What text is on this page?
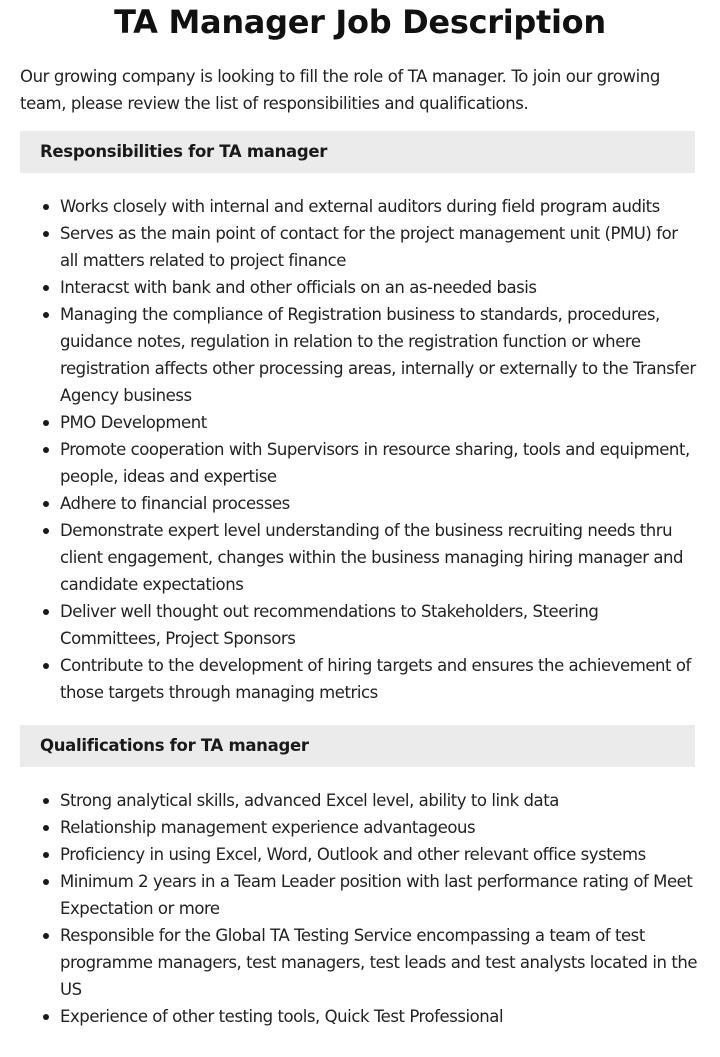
TA Manager Job Description

Our growing company is looking to fill the role of TA manager. To join our growing team, please review the list of responsibilities and qualifications.

Responsibilities for TA manager
Works closely with internal and external auditors during field program audits
Serves as the main point of contact for the project management unit (PMU) for all matters related to project finance
Interacst with bank and other officials on an as-needed basis
Managing the compliance of Registration business to standards, procedures, guidance notes, regulation in relation to the registration function or where registration affects other processing areas, internally or externally to the Transfer Agency business
PMO Development
Promote cooperation with Supervisors in resource sharing, tools and equipment, people, ideas and expertise
Adhere to financial processes
Demonstrate expert level understanding of the business recruiting needs thru client engagement, changes within the business managing hiring manager and candidate expectations
Deliver well thought out recommendations to Stakeholders, Steering Committees, Project Sponsors
Contribute to the development of hiring targets and ensures the achievement of those targets through managing metrics
Qualifications for TA manager
Strong analytical skills, advanced Excel level, ability to link data
Relationship management experience advantageous
Proficiency in using Excel, Word, Outlook and other relevant office systems
Minimum 2 years in a Team Leader position with last performance rating of Meet Expectation or more
Responsible for the Global TA Testing Service encompassing a team of test programme managers, test managers, test leads and test analysts located in the US
Experience of other testing tools, Quick Test Professional
